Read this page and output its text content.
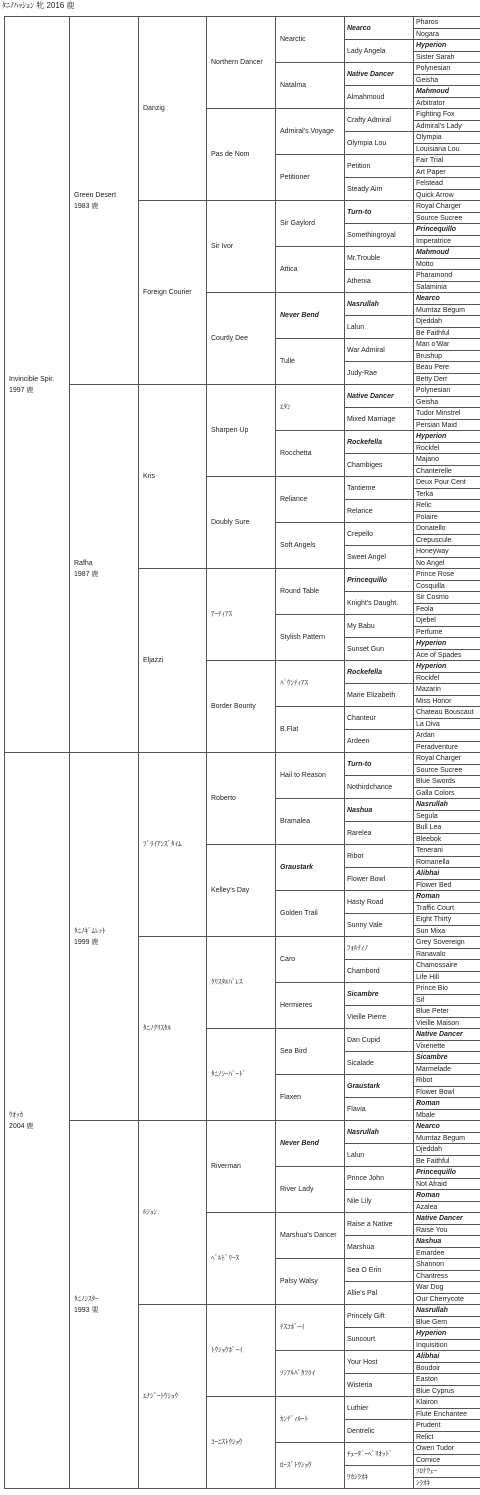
ﾀﾆﾉﾊｯｼｮﾝ 牝 2016 鹿
Invincible Spir.
1997 鹿
Green Desert
1983 鹿
Danzig
Northern Dancer
Nearctic
Nearco
Pharos
Nogara
Lady Angela
Hyperion
Sister Sarah
Natalma
Native Dancer
Polynesian
Geisha
Almahmoud
Mahmoud
Arbitrator
Pas de Nom
Admiral's Voyage
Crafty Admiral
Fighting Fox
Admiral's Lady
Olympia Lou
Olympia
Louisiana Lou
Petitioner
Petition
Fair Trial
Art Paper
Steady Aim
Felstead
Quick Arrow
Foreign Courier
Sir Ivor
Sir Gaylord
Turn-to
Royal Charger
Source Sucree
Somethingroyal
Princequillo
Imperatrice
Attica
Mr.Trouble
Mahmoud
Motto
Athenia
Pharamond
Salaminia
Courtly Dee
Never Bend
Nasrullah
Nearco
Mumtaz Begum
Lalun
Djeddah
Be Faithful
Tulle
War Admiral
Man o'War
Brushup
Judy-Rae
Beau Pere
Betty Derr
Rafha
1987 鹿
Kris
Sharpen Up
ｴﾀﾝ
Native Dancer
Polynesian
Geisha
Mixed Marriage
Tudor Minstrel
Persian Maid
Rocchetta
Rockefella
Hyperion
Rockfel
Chambiges
Majano
Chanterelle
Doubly Sure
Reliance
Tantieme
Deux Pour Cent
Terka
Relance
Relic
Polaire
Soft Angels
Crepello
Donatello
Crepuscule
Sweet Angel
Honeyway
No Angel
Eljazzi
ｱｰﾃｨｱｽ
Round Table
Princequillo
Prince Rose
Cosquilla
Knight's Daught.
Sir Cosmo
Feola
Stylish Pattern
My Babu
Djebel
Perfume
Sunset Gun
Hyperion
Ace of Spades
Border Bounty
ﾊﾟｳﾝﾃｨｱｽ
Rockefella
Hyperion
Rockfel
Marie Elizabeth
Mazarin
Miss Honor
B.Flat
Chanteur
Chateau Bouscaut
La Diva
Ardeen
Ardan
Peradventure
ｳｵｯｶ
2004 鹿
ﾀﾆﾉｷﾞﾑﾚｯﾄ
1999 鹿
ﾌﾞﾗｲｱﾝｽﾞﾀｲﾑ
Roberto
Hail to Reason
Turn-to
Royal Charger
Source Sucree
Nothirdchance
Blue Swords
Galla Colors
Bramalea
Nashua
Nasrullah
Segula
Rarelea
Bull Lea
Bleebok
Kelley's Day
Graustark
Ribot
Tenerani
Romanella
Flower Bowl
Alibhai
Flower Bed
Golden Trail
Hasty Road
Roman
Traffic Court
Sunny Vale
Eight Thirty
Sun Mixa
ﾀﾆﾉｸﾘｽﾀﾙ
ｸﾘｽﾀﾙﾊﾟﾚｽ
Caro
ﾌｫﾙﾃｨﾉ
Grey Sovereign
Ranavalo
Chambord
Chamossaire
Life Hill
Hermieres
Sicambre
Prince Bio
Sif
Vieille Pierre
Blue Peter
Vieille Maison
ﾀﾆﾉｼｰﾊﾞｰﾄﾞ
Sea Bird
Dan Cupid
Native Dancer
Vixenette
Sicalade
Sicambre
Marmelade
Flaxen
Graustark
Ribot
Flower Bowl
Flavia
Roman
Mbale
ﾀﾆﾉｼｽﾀｰ
1993 栗
ﾙｼｮﾝ
Riverman
Never Bend
Nasrullah
Nearco
Mumtaz Begum
Lalun
Djeddah
Be Faithful
River Lady
Prince John
Princequillo
Not Afraid
Nile Lily
Roman
Azalea
ﾍﾞﾙﾄﾞﾘｰﾇ
Marshua's Dancer
Raise a Native
Native Dancer
Raise You
Marshua
Nashua
Emardee
Palsy Walsy
Sea O Erin
Shannon
Chantress
Allie's Pal
War Dog
Our Cherrycote
ｴﾅｼﾞｰﾄｳｼｮｳ
ﾄｳｼｮｳﾎﾞｰｲ
ﾃｽｺﾎﾞｰｲ
Princely Gift
Nasrullah
Blue Gem
Suncourt
Hyperion
Inquisition
ｿｼｱﾙﾊﾞﾀﾌﾗｲ
Your Host
Alibhai
Boudoir
Wisteria
Easton
Blue Cyprus
ｺｰﾆｽﾄｳｼｮｳ
ｶﾝﾃﾞｨﾙｰﾄ
Luthier
Klairon
Flute Enchantee
Dentrelic
Prudent
Relict
ﾛｰｽﾞﾄｳｼｮｳ
ﾁｭｰﾀﾞｰﾍﾟﾘｵｯﾄﾞ
Owen Tudor
Cornice
ﾜｶｼﾗｵｷ
ｿﾛﾅｳｪｰ
ｼﾗｵｷ
